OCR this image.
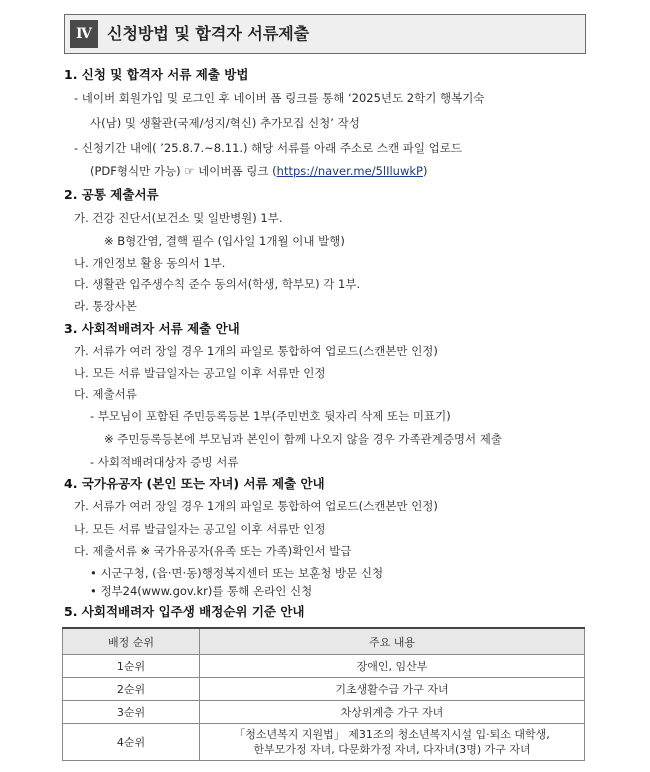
Ⅳ 신청방법 및 합격자 서류제출
1. 신청 및 합격자 서류 제출 방법
- 네이버 회원가입 및 로그인 후 네이버 폼 링크를 통해 ‘2025년도 2학기 행복기숙
사(남) 및 생활관(국제/성지/혁신) 추가모집 신청’ 작성
- 신청기간 내에( ’25.8.7.~8.11.) 해당 서류를 아래 주소로 스캔 파일 업로드
(PDF형식만 가능) ☞ 네이버폼 링크 (https://naver.me/5lIluwkP)
2. 공통 제출서류
가. 건강 진단서(보건소 및 일반병원) 1부.
※ B형간염, 결핵 필수 (입사일 1개월 이내 발행)
나. 개인정보 활용 동의서 1부.
다. 생활관 입주생수칙 준수 동의서(학생, 학부모) 각 1부.
라. 통장사본
3. 사회적배려자 서류 제출 안내
가. 서류가 여러 장일 경우 1개의 파일로 통합하여 업로드(스캔본만 인정)
나. 모든 서류 발급일자는 공고일 이후 서류만 인정
다. 제출서류
- 부모님이 포함된 주민등록등본 1부(주민번호 뒷자리 삭제 또는 미표기)
※ 주민등록등본에 부모님과 본인이 함께 나오지 않을 경우 가족관계증명서 제출
- 사회적배려대상자 증빙 서류
4. 국가유공자 (본인 또는 자녀) 서류 제출 안내
가. 서류가 여러 장일 경우 1개의 파일로 통합하여 업로드(스캔본만 인정)
나. 모든 서류 발급일자는 공고일 이후 서류만 인정
다. 제출서류 ※ 국가유공자(유족 또는 가족)확인서 발급
• 시군구청, (읍·면·동)행정복지센터 또는 보훈청 방문 신청
• 정부24(www.gov.kr)를 통해 온라인 신청
5. 사회적배려자 입주생 배정순위 기준 안내
배정 순위	주요 내용
1순위	장애인, 임산부
2순위	기초생활수급 가구 자녀
3순위	차상위계층 가구 자녀
4순위	「청소년복지 지원법」 제31조의 청소년복지시설 입·퇴소 대학생,
한부모가정 자녀, 다문화가정 자녀, 다자녀(3명) 가구 자녀
